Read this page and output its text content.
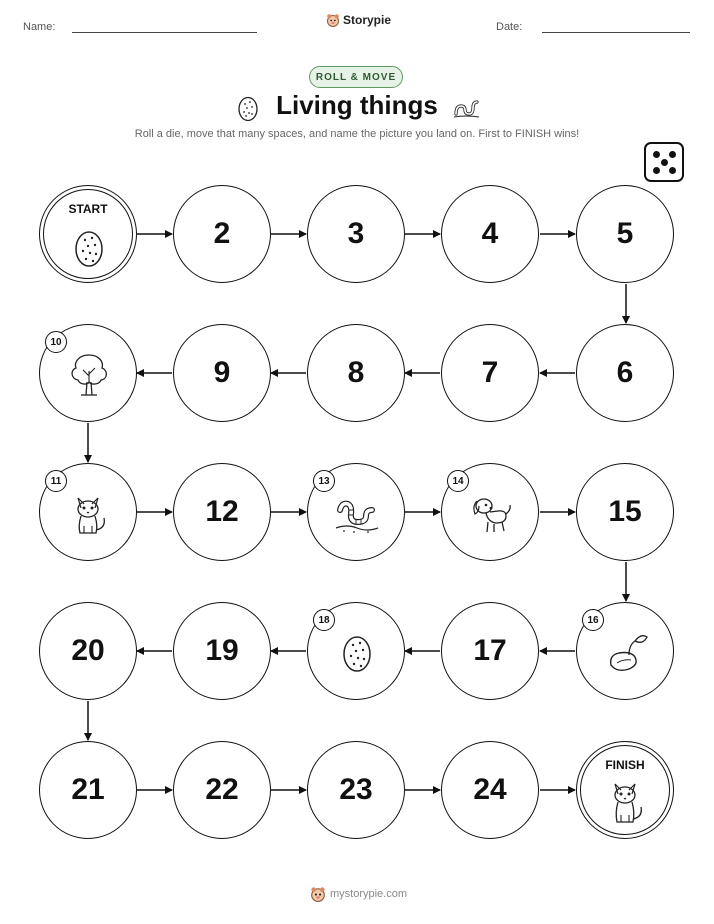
Name:	Storypie	Date:
ROLL & MOVE
Living things
Roll a die, move that many spaces, and name the picture you land on. First to FINISH wins!
START
2	3	4	5
10
9	8	7	6
11
12
13	14
15
20	19
18
17
16
21	22	23	24
FINISH
mystorypie.com
